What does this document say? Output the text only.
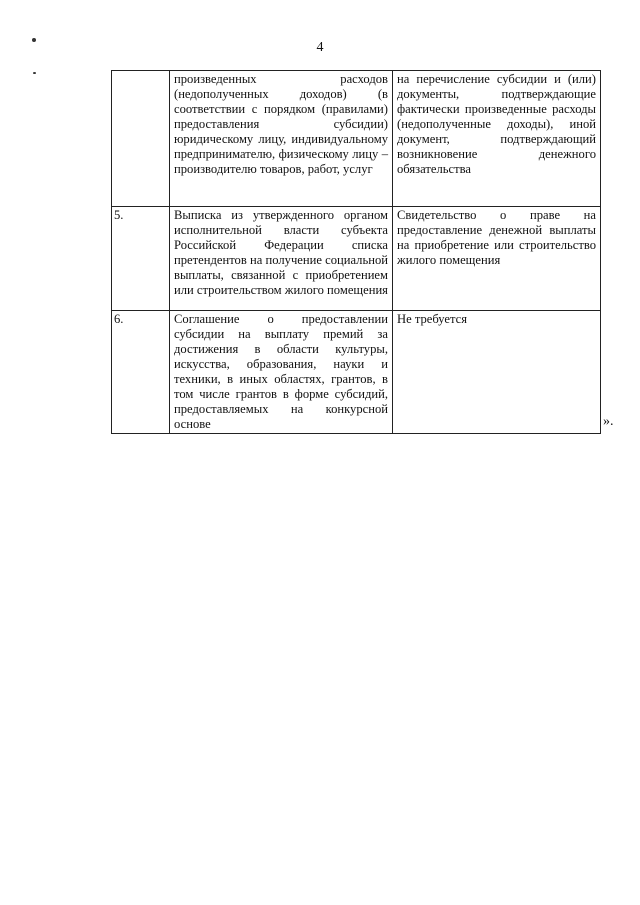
4
	произведенных расходов (недополученных доходов) (в соответствии с порядком (правилами) предоставления субсидии) юридическому лицу, индивидуальному предпринимателю, физическому лицу – производителю товаров, работ, услуг	на перечисление субсидии и (или) документы, подтверждающие фактически произведенные расходы (недополученные доходы), иной документ, подтверждающий возникновение денежного обязательства
5.	Выписка из утвержденного органом исполнительной власти субъекта Российской Федерации списка претендентов на получение социальной выплаты, связанной с приобретением или строительством жилого помещения	Свидетельство о праве на предоставление денежной выплаты на приобретение или строительство жилого помещения
6.	Соглашение о предоставлении субсидии на выплату премий за достижения в области культуры, искусства, образования, науки и техники, в иных областях, грантов, в том числе грантов в форме субсидий, предоставляемых на конкурсной основе	Не требуется
».
